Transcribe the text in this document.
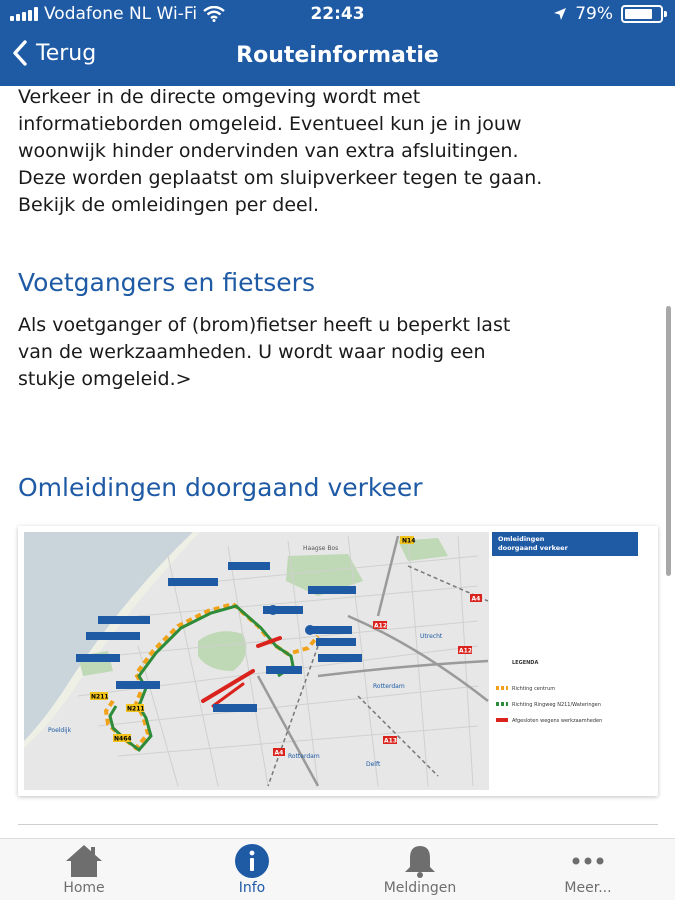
Vodafone NL Wi-Fi	22:43	79%
Terug	Routeinformatie
Verkeer in de directe omgeving wordt met
informatieborden omgeleid. Eventueel kun je in jouw
woonwijk hinder ondervinden van extra afsluitingen.
Deze worden geplaatst om sluipverkeer tegen te gaan.
Bekijk de omleidingen per deel.
Voetgangers en fietsers
Als voetganger of (brom)fietser heeft u beperkt last
van de werkzaamheden. U wordt waar nodig een
stukje omgeleid.>
Omleidingen doorgaand verkeer
N14
A4
A12
A12
A13
N211
N211
N464
A4
Haagse Bos
Utrecht
Rotterdam
Rotterdam
Delft
Poeldijk
Omleidingen
doorgaand verkeer
LEGENDA
Richting centrum
Richting Ringweg N211/Wateringen
Afgesloten wegens werkzaamheden
Home	Info	Meldingen	Meer...
